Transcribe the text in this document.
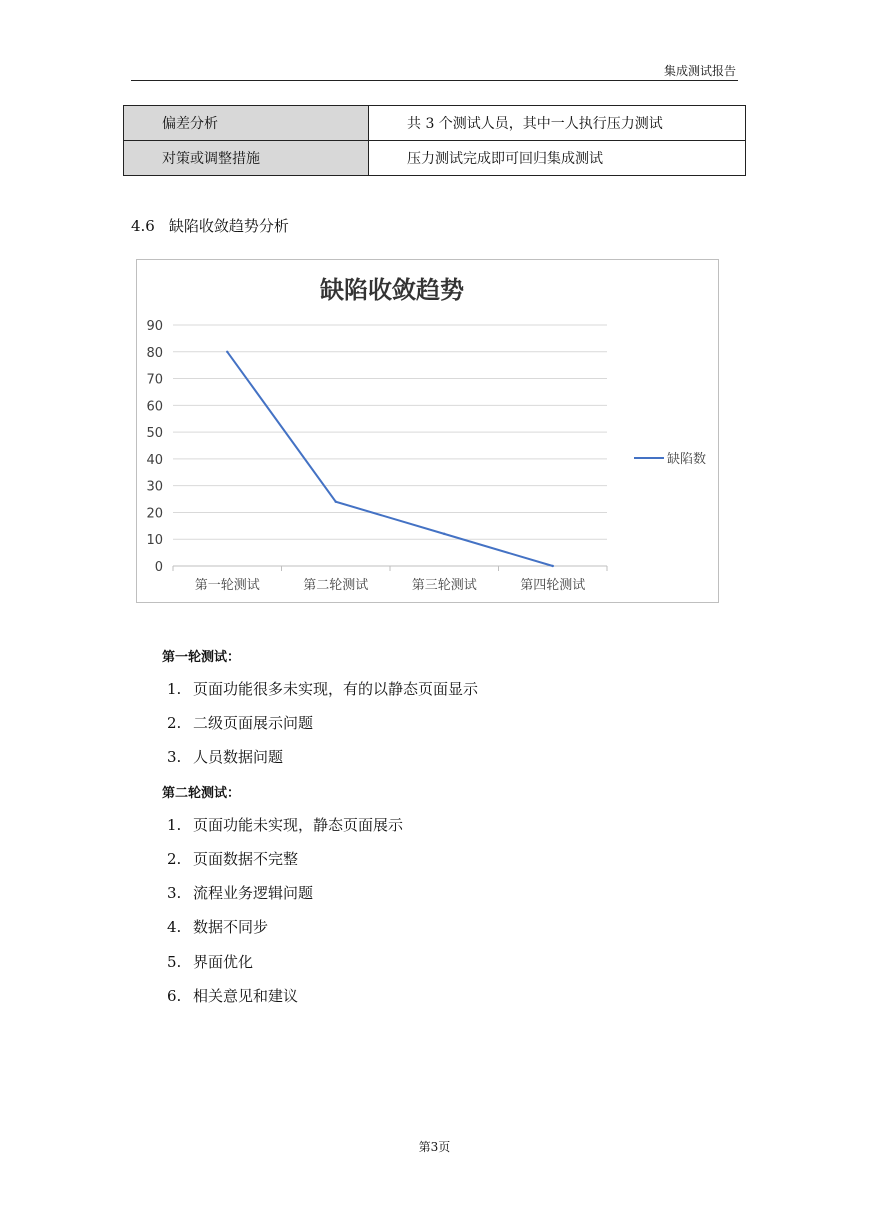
集成测试报告
偏差分析	共 3 个测试人员，其中一人执行压力测试
对策或调整措施	压力测试完成即可回归集成测试
4.6 缺陷收敛趋势分析
缺陷收敛趋势
0
10
20
30
40
50
60
70
80
90
第一轮测试	第二轮测试	第三轮测试	第四轮测试
缺陷数
第一轮测试：
1. 页面功能很多未实现，有的以静态页面显示
2. 二级页面展示问题
3. 人员数据问题
第二轮测试：
1. 页面功能未实现，静态页面展示
2. 页面数据不完整
3. 流程业务逻辑问题
4. 数据不同步
5. 界面优化
6. 相关意见和建议
第3页
